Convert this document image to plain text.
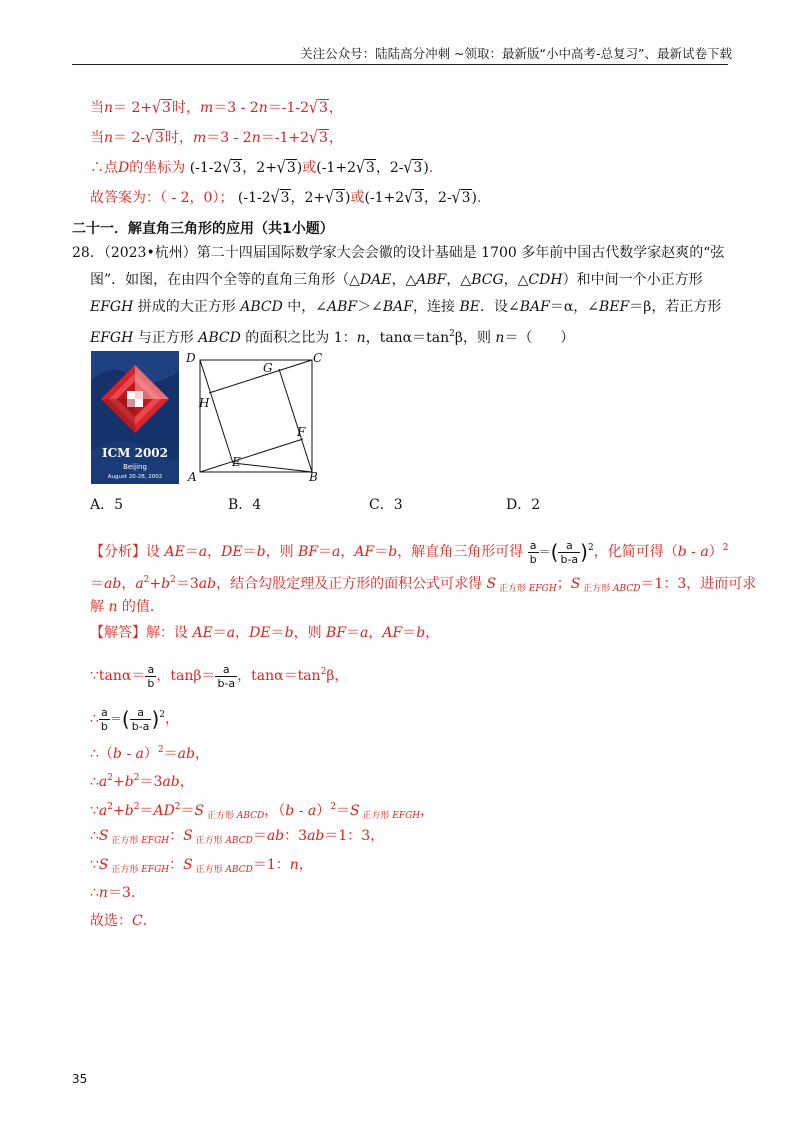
关注公众号：陆陆高分冲刺 ~领取：最新版“小中高考-总复习”、最新试卷下载
当n＝ 2+√3时，m＝3 - 2n＝-1-2√3，
当n＝ 2-√3时，m＝3 - 2n＝-1+2√3，
∴点D的坐标为 (-1-2√3，2+√3)或(-1+2√3，2-√3).
故答案为：（ - 2，0）； (-1-2√3，2+√3)或(-1+2√3，2-√3).
二十一．解直角三角形的应用（共1小题）
28．（2023•杭州）第二十四届国际数学家大会会徽的设计基础是 1700 多年前中国古代数学家赵爽的“弦
图”．如图，在由四个全等的直角三角形（△DAE，△ABF，△BCG，△CDH）和中间一个小正方形
EFGH 拼成的大正方形 ABCD 中，∠ABF＞∠BAF，连接 BE．设∠BAF＝α，∠BEF＝β，若正方形
EFGH 与正方形 ABCD 的面积之比为 1：n，$\tan\alpha=\tan^2\beta$，则 n＝（　　）
ICM 2002
Beijing
August 20-28, 2002
D	C
G
H
F
E
A	B
A．5	B．4	C．3	D．2
【分析】设 AE＝a，DE＝b，则 BF＝a，AF＝b，解直角三角形可得 $\frac{a}{b}$ ＝( $\frac{a}{b-a} )^2$，化简可得（b - a）$^2$
＝ab，$a^2+b^2=3ab$，结合勾股定理及正方形的面积公式可求得 S $_{正方形}$ $_{EFGH}$；S $_{正方形}$ $_{ABCD}$＝1：3，进而可求
解 n 的值．
【解答】解：设 AE＝a，DE＝b，则 BF＝a，AF＝b，
∵tanα＝ $\frac{a}{b}$ ，$\tan\beta= \frac{a}{b-a}$ ，$\tan\alpha=\tan^2\beta$，
∴ $\frac{a}{b}$ ＝( $\frac{a}{b-a} )^2$，
∴（b - a）$^2$＝ab，
$\therefore a^2+b^2=3ab$，
$\because a^2+b^2=AD^2=S$ $_{正方形}$ $_{ABCD}$，（b - a）$^2$＝S $_{正方形}$ $_{EFGH}$，
∴S $_{正方形}$ $_{EFGH}$：S $_{正方形}$ $_{ABCD}$＝ab：3ab＝1：3，
∵S $_{正方形}$ $_{EFGH}$：S $_{正方形}$ $_{ABCD}$＝1：n，
∴n＝3．
故选：C．
35
